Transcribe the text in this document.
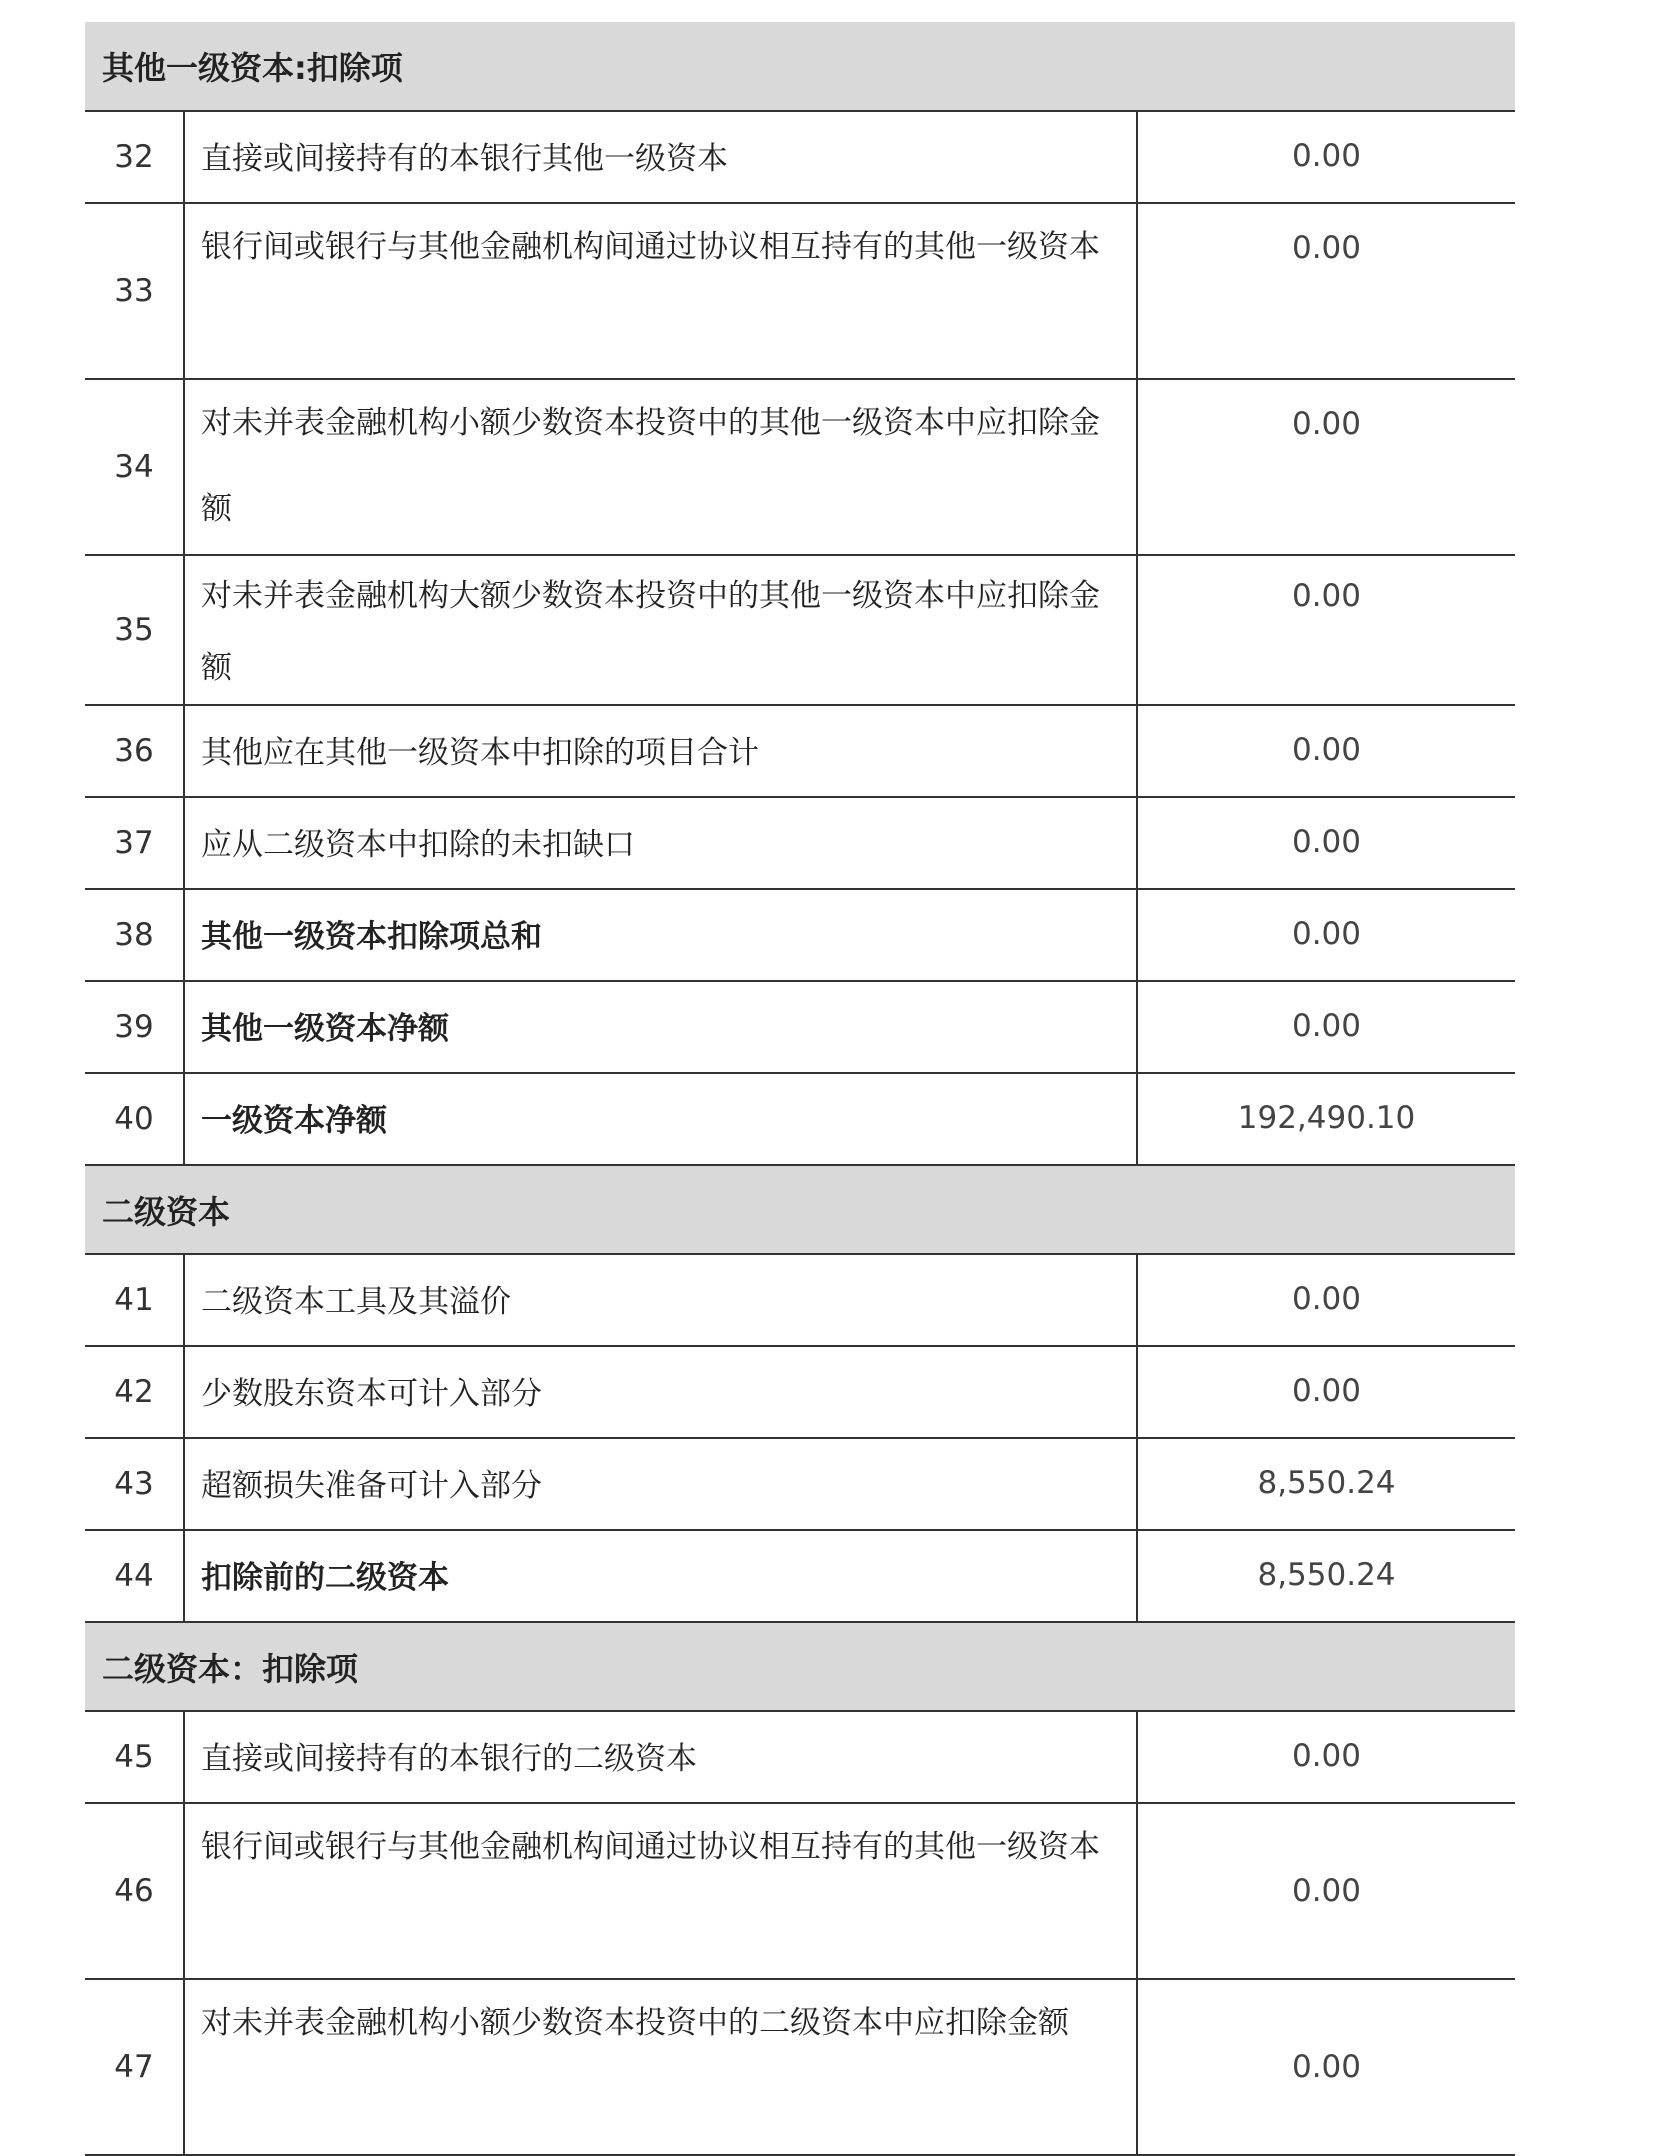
其他一级资本:扣除项		
32	直接或间接持有的本银行其他一级资本	0.00
33	银行间或银行与其他金融机构间通过协议相互持有的其他一级资本	0.00
34	对未并表金融机构小额少数资本投资中的其他一级资本中应扣除金额	0.00
35	对未并表金融机构大额少数资本投资中的其他一级资本中应扣除金额	0.00
36	其他应在其他一级资本中扣除的项目合计	0.00
37	应从二级资本中扣除的未扣缺口	0.00
38	其他一级资本扣除项总和	0.00
39	其他一级资本净额	0.00
40	一级资本净额	192,490.10
二级资本		
41	二级资本工具及其溢价	0.00
42	少数股东资本可计入部分	0.00
43	超额损失准备可计入部分	8,550.24
44	扣除前的二级资本	8,550.24
二级资本：扣除项		
45	直接或间接持有的本银行的二级资本	0.00
46	银行间或银行与其他金融机构间通过协议相互持有的其他一级资本	0.00
47	对未并表金融机构小额少数资本投资中的二级资本中应扣除金额	0.00
